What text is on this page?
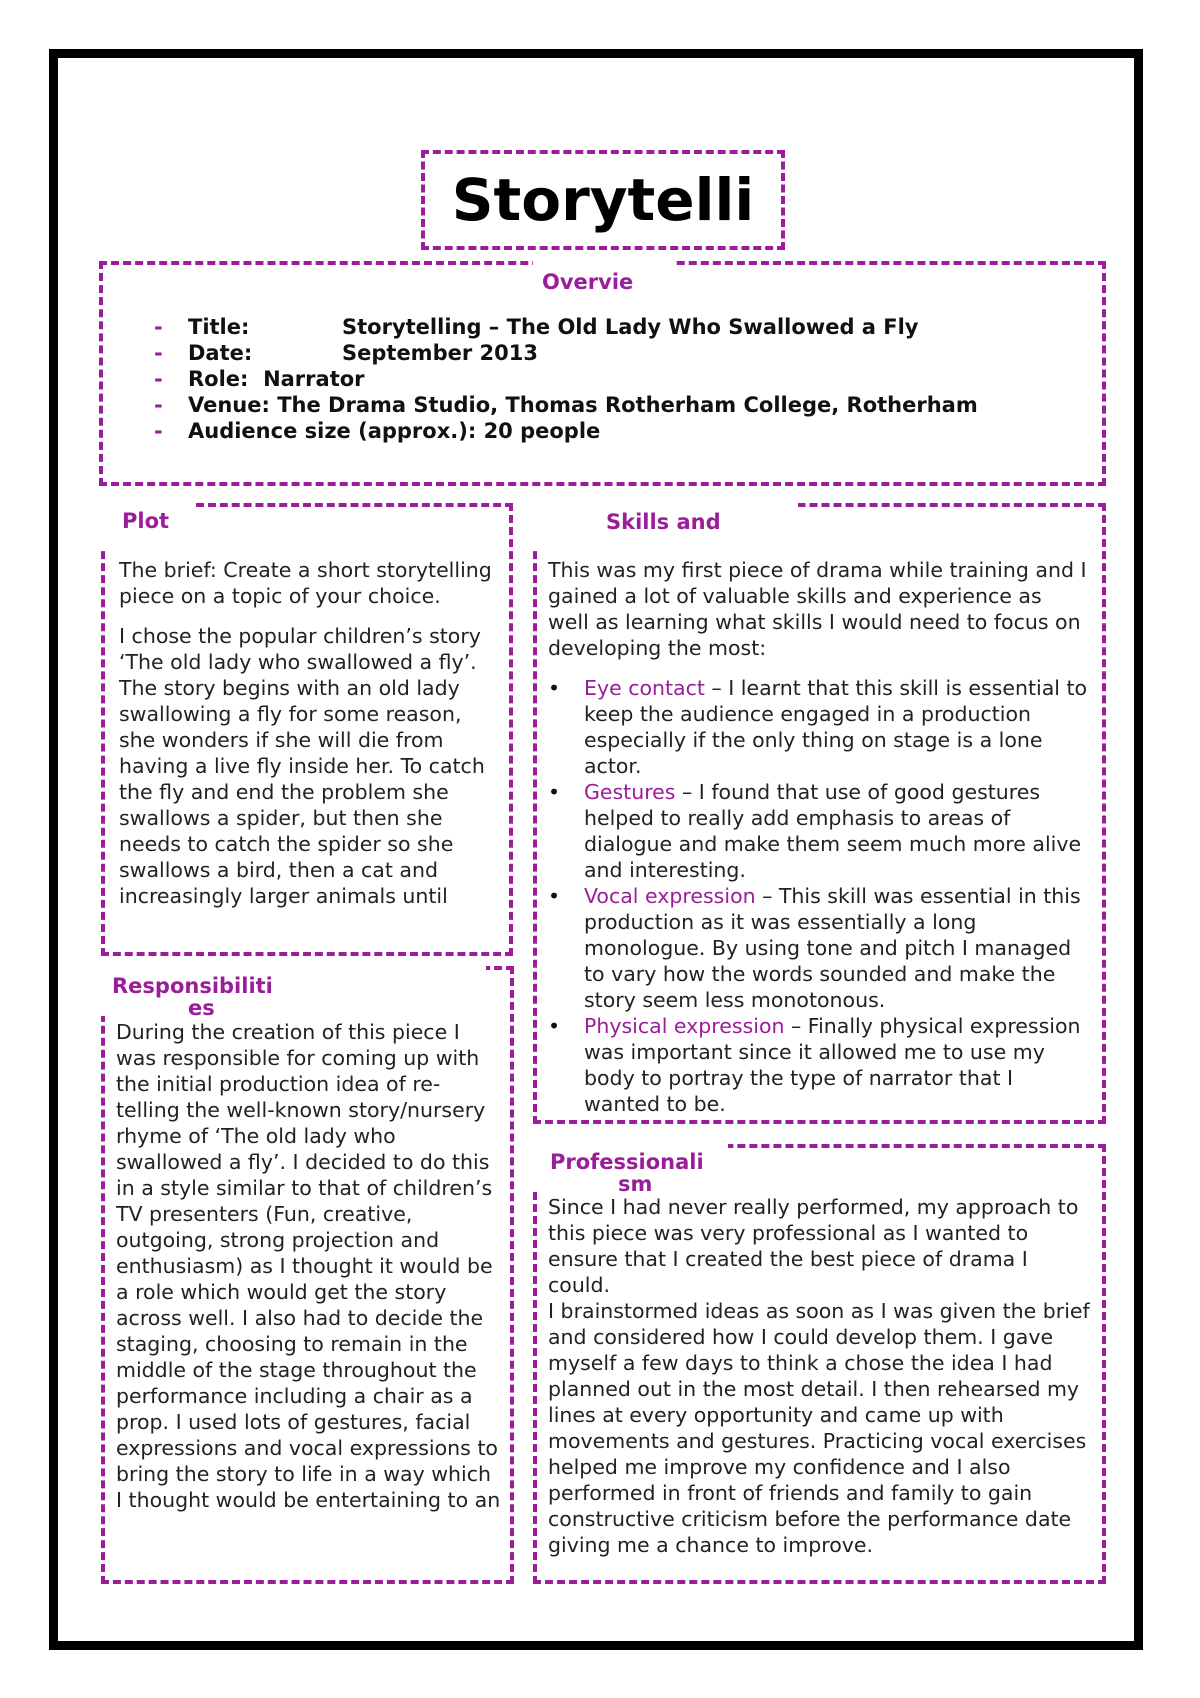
Storytelli
Overvie
- Title:	Storytelling – The Old Lady Who Swallowed a Fly
- Date:	September 2013
- Role: Narrator
- Venue: The Drama Studio, Thomas Rotherham College, Rotherham
- Audience size (approx.): 20 people
Plot

The brief: Create a short storytelling piece on a topic of your choice.

I chose the popular children’s story ‘The old lady who swallowed a fly’. The story begins with an old lady swallowing a fly for some reason, she wonders if she will die from having a live fly inside her. To catch the fly and end the problem she swallows a spider, but then she needs to catch the spider so she swallows a bird, then a cat and increasingly larger animals until

Skills and

This was my first piece of drama while training and I gained a lot of valuable skills and experience as well as learning what skills I would need to focus on developing the most:

• Eye contact – I learnt that this skill is essential to keep the audience engaged in a production especially if the only thing on stage is a lone actor.
• Gestures – I found that use of good gestures helped to really add emphasis to areas of dialogue and make them seem much more alive and interesting.
• Vocal expression – This skill was essential in this production as it was essentially a long monologue. By using tone and pitch I managed to vary how the words sounded and make the story seem less monotonous.
• Physical expression – Finally physical expression was important since it allowed me to use my body to portray the type of narrator that I wanted to be.
Responsibiliti
es

During the creation of this piece I was responsible for coming up with the initial production idea of re-telling the well-known story/nursery rhyme of ‘The old lady who swallowed a fly’. I decided to do this in a style similar to that of children’s TV presenters (Fun, creative, outgoing, strong projection and enthusiasm) as I thought it would be a role which would get the story across well. I also had to decide the staging, choosing to remain in the middle of the stage throughout the performance including a chair as a prop. I used lots of gestures, facial expressions and vocal expressions to bring the story to life in a way which I thought would be entertaining to an

Professionali
sm
Since I had never really performed, my approach to this piece was very professional as I wanted to ensure that I created the best piece of drama I could.
I brainstormed ideas as soon as I was given the brief and considered how I could develop them. I gave myself a few days to think a chose the idea I had planned out in the most detail. I then rehearsed my lines at every opportunity and came up with movements and gestures. Practicing vocal exercises helped me improve my confidence and I also performed in front of friends and family to gain constructive criticism before the performance date giving me a chance to improve.
